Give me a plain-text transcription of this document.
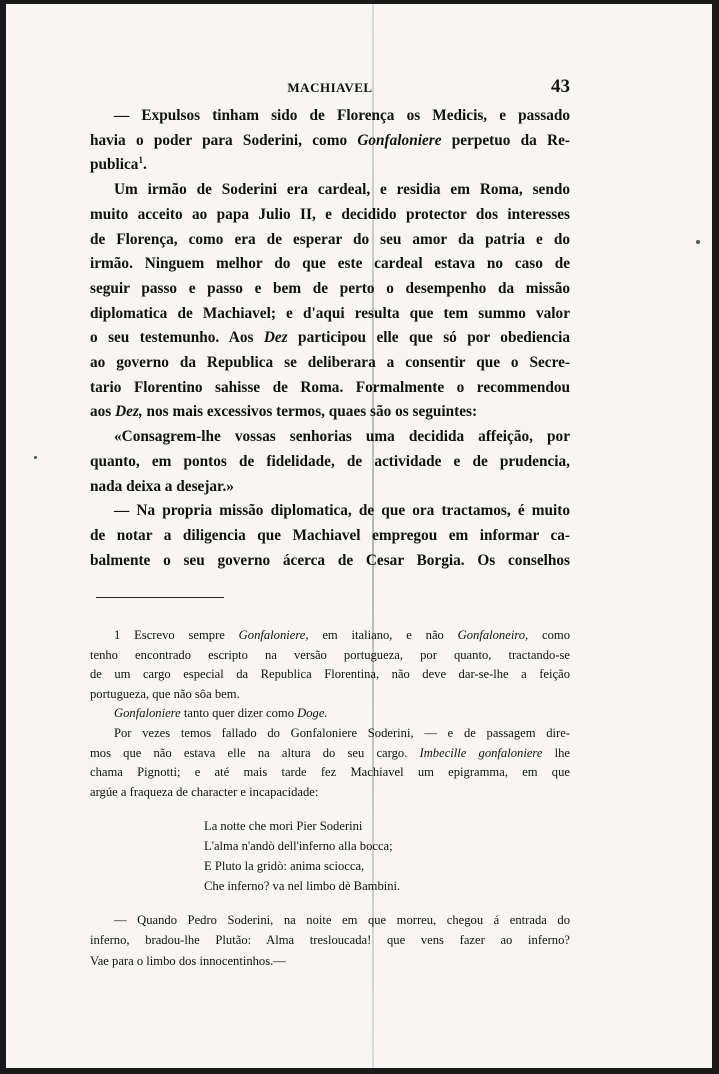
MACHIAVEL	43
— Expulsos tinham sido de Florença os Medicis, e passado
havia o poder para Soderini, como Gonfaloniere perpetuo da Re-
publica$^1$.
Um irmão de Soderini era cardeal, e residia em Roma, sendo
muito acceito ao papa Julio II, e decidido protector dos interesses
de Florença, como era de esperar do seu amor da patria e do
irmão. Ninguem melhor do que este cardeal estava no caso de
seguir passo e passo e bem de perto o desempenho da missão
diplomatica de Machiavel; e d'aqui resulta que tem summo valor
o seu testemunho. Aos Dez participou elle que só por obediencia
ao governo da Republica se deliberara a consentir que o Secre-
tario Florentino sahisse de Roma. Formalmente o recommendou
aos Dez, nos mais excessivos termos, quaes são os seguintes:
«Consagrem-lhe vossas senhorias uma decidida affeição, por
quanto, em pontos de fidelidade, de actividade e de prudencia,
nada deixa a desejar.»
— Na propria missão diplomatica, de que ora tractamos, é muito
de notar a diligencia que Machiavel empregou em informar ca-
balmente o seu governo ácerca de Cesar Borgia. Os conselhos
1 Escrevo sempre Gonfaloniere, em italiano, e não Gonfaloneiro, como
tenho encontrado escripto na versão portugueza, por quanto, tractando-se
de um cargo especial da Republica Florentina, não deve dar-se-lhe a feição
portugueza, que não sôa bem.
Gonfaloniere tanto quer dizer como Doge.
Por vezes temos fallado do Gonfaloniere Soderini, — e de passagem dire-
mos que não estava elle na altura do seu cargo. Imbecille gonfaloniere lhe
chama Pignotti; e até mais tarde fez Machiavel um epigramma, em que
argúe a fraqueza de character e incapacidade:
La notte che mori Pier Soderini
L'alma n'andò dell'inferno alla bocca;
E Pluto la gridò: anima sciocca,
Che inferno? va nel limbo dè Bambini.
— Quando Pedro Soderini, na noite em que morreu, chegou á entrada do
inferno, bradou-lhe Plutão: Alma tresloucada! que vens fazer ao inferno?
Vae para o limbo dos innocentinhos.—
